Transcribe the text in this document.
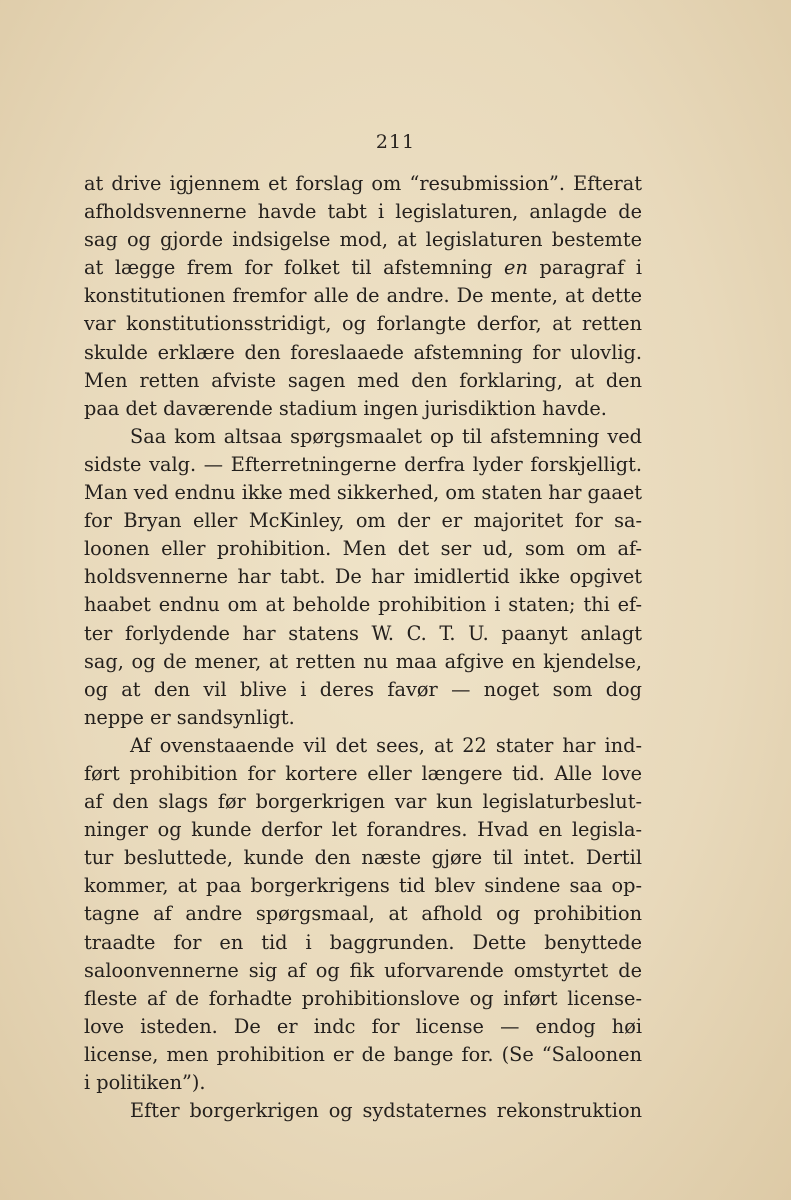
211
at drive igjennem et forslag om “resubmission”. Efterat
afholdsvennerne havde tabt i legislaturen, anlagde de
sag og gjorde indsigelse mod, at legislaturen bestemte
at lægge frem for folket til afstemning en paragraf i
konstitutionen fremfor alle de andre. De mente, at dette
var konstitutionsstridigt, og forlangte derfor, at retten
skulde erklære den foreslaaede afstemning for ulovlig.
Men retten afviste sagen med den forklaring, at den
paa det daværende stadium ingen jurisdiktion havde.
Saa kom altsaa spørgsmaalet op til afstemning ved
sidste valg. — Efterretningerne derfra lyder forskjelligt.
Man ved endnu ikke med sikkerhed, om staten har gaaet
for Bryan eller McKinley, om der er majoritet for sa-
loonen eller prohibition. Men det ser ud, som om af-
holdsvennerne har tabt. De har imidlertid ikke opgivet
haabet endnu om at beholde prohibition i staten; thi ef-
ter forlydende har statens W. C. T. U. paanyt anlagt
sag, og de mener, at retten nu maa afgive en kjendelse,
og at den vil blive i deres favør — noget som dog
neppe er sandsynligt.
Af ovenstaaende vil det sees, at 22 stater har ind-
ført prohibition for kortere eller længere tid. Alle love
af den slags før borgerkrigen var kun legislaturbeslut-
ninger og kunde derfor let forandres. Hvad en legisla-
tur besluttede, kunde den næste gjøre til intet. Dertil
kommer, at paa borgerkrigens tid blev sindene saa op-
tagne af andre spørgsmaal, at afhold og prohibition
traadte for en tid i baggrunden. Dette benyttede
saloonvennerne sig af og fik uforvarende omstyrtet de
fleste af de forhadte prohibitionslove og inført license-
love isteden. De er indc for license — endog høi
license, men prohibition er de bange for. (Se “Saloonen
i politiken”).
Efter borgerkrigen og sydstaternes rekonstruktion
